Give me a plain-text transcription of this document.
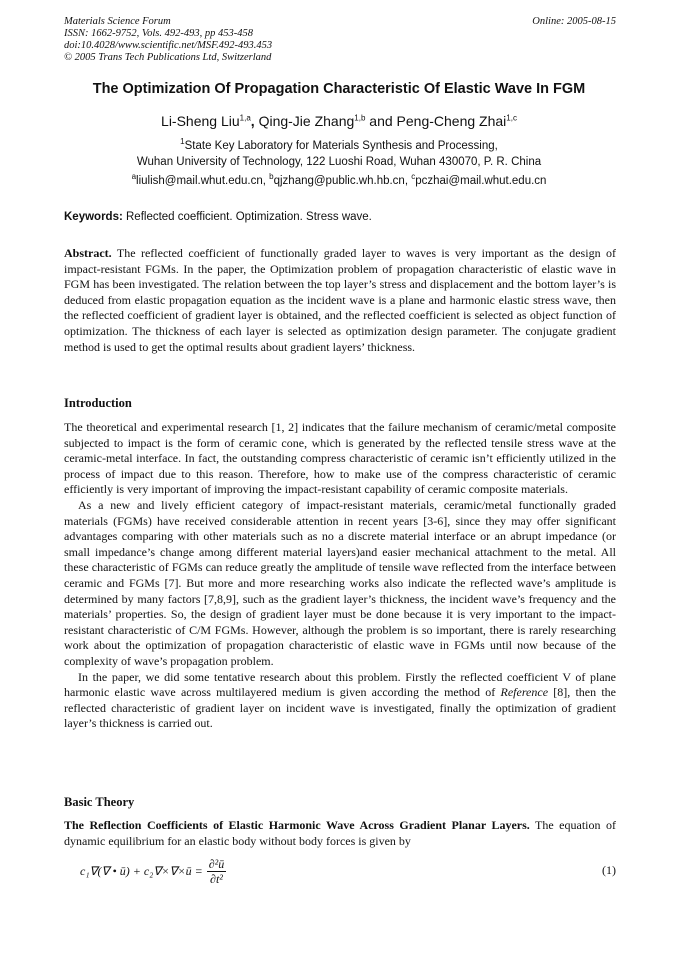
Materials Science Forum	Online: 2005-08-15
ISSN: 1662-9752, Vols. 492-493, pp 453-458
doi:10.4028/www.scientific.net/MSF.492-493.453
© 2005 Trans Tech Publications Ltd, Switzerland
The Optimization Of Propagation Characteristic Of Elastic Wave In FGM
Li-Sheng Liu$^{1,a}$, Qing-Jie Zhang$^{1,b}$ and Peng-Cheng Zhai$^{1,c}$
$^1$State Key Laboratory for Materials Synthesis and Processing,
Wuhan University of Technology, 122 Luoshi Road, Wuhan 430070, P. R. China
$^a$liulish@mail.whut.edu.cn, $^b$qjzhang@public.wh.hb.cn, $^c$pczhai@mail.whut.edu.cn
Keywords: Reflected coefficient. Optimization. Stress wave.
Abstract. The reflected coefficient of functionally graded layer to waves is very important as the design of impact-resistant FGMs. In the paper, the Optimization problem of propagation characteristic of elastic wave in FGM has been investigated. The relation between the top layer’s stress and displacement and the bottom layer’s is deduced from elastic propagation equation as the incident wave is a plane and harmonic elastic stress wave, then the reflected coefficient of gradient layer is obtained, and the reflected coefficient is selected as object function of optimization. The thickness of each layer is selected as optimization design parameter. The conjugate gradient method is used to get the optimal results about gradient layers’ thickness.
Introduction

The theoretical and experimental research [1, 2] indicates that the failure mechanism of ceramic/metal composite subjected to impact is the form of ceramic cone, which is generated by the reflected tensile stress wave at the ceramic-metal interface. In fact, the outstanding compress characteristic of ceramic isn’t efficiently utilized in the process of impact due to this reason. Therefore, how to make use of the compress characteristic of ceramic efficiently is very important of improving the impact-resistant capability of ceramic composite materials.

As a new and lively efficient category of impact-resistant materials, ceramic/metal functionally graded materials (FGMs) have received considerable attention in recent years [3-6], since they may offer significant advantages comparing with other materials such as no a discrete material interface or an abrupt impedance (or small impedance’s change among different material layers)and easier mechanical attachment to the metal. All these characteristic of FGMs can reduce greatly the amplitude of tensile wave reflected from the interface between ceramic and FGMs [7]. But more and more researching works also indicate the reflected wave’s amplitude is determined by many factors [7,8,9], such as the gradient layer’s thickness, the incident wave’s frequency and the materials’ properties. So, the design of gradient layer must be done because it is very important to the impact-resistant characteristic of C/M FGMs. However, although the problem is so important, there is rarely researching work about the optimization of propagation characteristic of elastic wave in FGMs until now because of the complexity of wave’s propagation problem.

In the paper, we did some tentative research about this problem. Firstly the reflected coefficient V of plane harmonic elastic wave across multilayered medium is given according the method of Reference [8], then the reflected characteristic of gradient layer on incident wave is investigated, finally the optimization of gradient layer’s thickness is carried out.

Basic Theory
The Reflection Coefficients of Elastic Harmonic Wave Across Gradient Planar Layers. The equation of dynamic equilibrium for an elastic body without body forces is given by
c₁∇(∇ • ū) + c₂∇×∇×ū = $\frac{\text{∂²ū}}{\text{∂t²}}$	(1)
